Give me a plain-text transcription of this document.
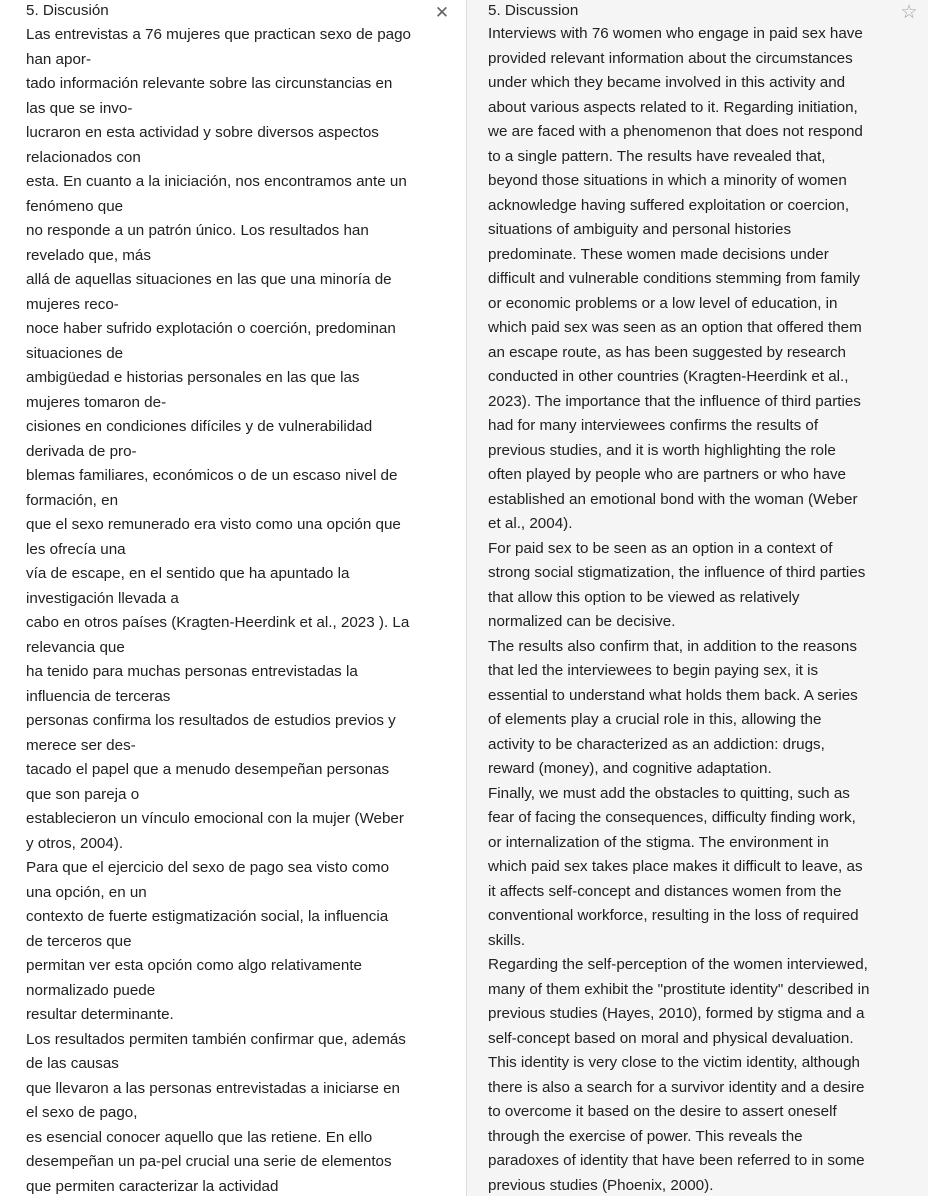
5. Discusión	✕
Las entrevistas a 76 mujeres que practican sexo de pago
han apor-
tado información relevante sobre las circunstancias en
las que se invo-
lucraron en esta actividad y sobre diversos aspectos
relacionados con
esta. En cuanto a la iniciación, nos encontramos ante un
fenómeno que
no responde a un patrón único. Los resultados han
revelado que, más
allá de aquellas situaciones en las que una minoría de
mujeres reco-
noce haber sufrido explotación o coerción, predominan
situaciones de
ambigüedad e historias personales en las que las
mujeres tomaron de-
cisiones en condiciones difíciles y de vulnerabilidad
derivada de pro-
blemas familiares, económicos o de un escaso nivel de
formación, en
que el sexo remunerado era visto como una opción que
les ofrecía una
vía de escape, en el sentido que ha apuntado la
investigación llevada a
cabo en otros países (Kragten-Heerdink et al., 2023 ). La
relevancia que
ha tenido para muchas personas entrevistadas la
influencia de terceras
personas confirma los resultados de estudios previos y
merece ser des-
tacado el papel que a menudo desempeñan personas
que son pareja o
establecieron un vínculo emocional con la mujer (Weber
y otros, 2004).
Para que el ejercicio del sexo de pago sea visto como
una opción, en un
contexto de fuerte estigmatización social, la influencia
de terceros que
permitan ver esta opción como algo relativamente
normalizado puede
resultar determinante.
Los resultados permiten también confirmar que, además
de las causas
que llevaron a las personas entrevistadas a iniciarse en
el sexo de pago,
es esencial conocer aquello que las retiene. En ello
desempeñan un pa-pel crucial una serie de elementos
que permiten caracterizar la actividad
5. Discussion	☆
Interviews with 76 women who engage in paid sex have
provided relevant information about the circumstances
under which they became involved in this activity and
about various aspects related to it. Regarding initiation,
we are faced with a phenomenon that does not respond
to a single pattern. The results have revealed that,
beyond those situations in which a minority of women
acknowledge having suffered exploitation or coercion,
situations of ambiguity and personal histories
predominate. These women made decisions under
difficult and vulnerable conditions stemming from family
or economic problems or a low level of education, in
which paid sex was seen as an option that offered them
an escape route, as has been suggested by research
conducted in other countries (Kragten-Heerdink et al.,
2023). The importance that the influence of third parties
had for many interviewees confirms the results of
previous studies, and it is worth highlighting the role
often played by people who are partners or who have
established an emotional bond with the woman (Weber
et al., 2004).
For paid sex to be seen as an option in a context of
strong social stigmatization, the influence of third parties
that allow this option to be viewed as relatively
normalized can be decisive.
The results also confirm that, in addition to the reasons
that led the interviewees to begin paying sex, it is
essential to understand what holds them back. A series
of elements play a crucial role in this, allowing the
activity to be characterized as an addiction: drugs,
reward (money), and cognitive adaptation.
Finally, we must add the obstacles to quitting, such as
fear of facing the consequences, difficulty finding work,
or internalization of the stigma. The environment in
which paid sex takes place makes it difficult to leave, as
it affects self-concept and distances women from the
conventional workforce, resulting in the loss of required
skills.
Regarding the self-perception of the women interviewed,
many of them exhibit the "prostitute identity" described in
previous studies (Hayes, 2010), formed by stigma and a
self-concept based on moral and physical devaluation.
This identity is very close to the victim identity, although
there is also a search for a survivor identity and a desire
to overcome it based on the desire to assert oneself
through the exercise of power. This reveals the
paradoxes of identity that have been referred to in some
previous studies (Phoenix, 2000).
